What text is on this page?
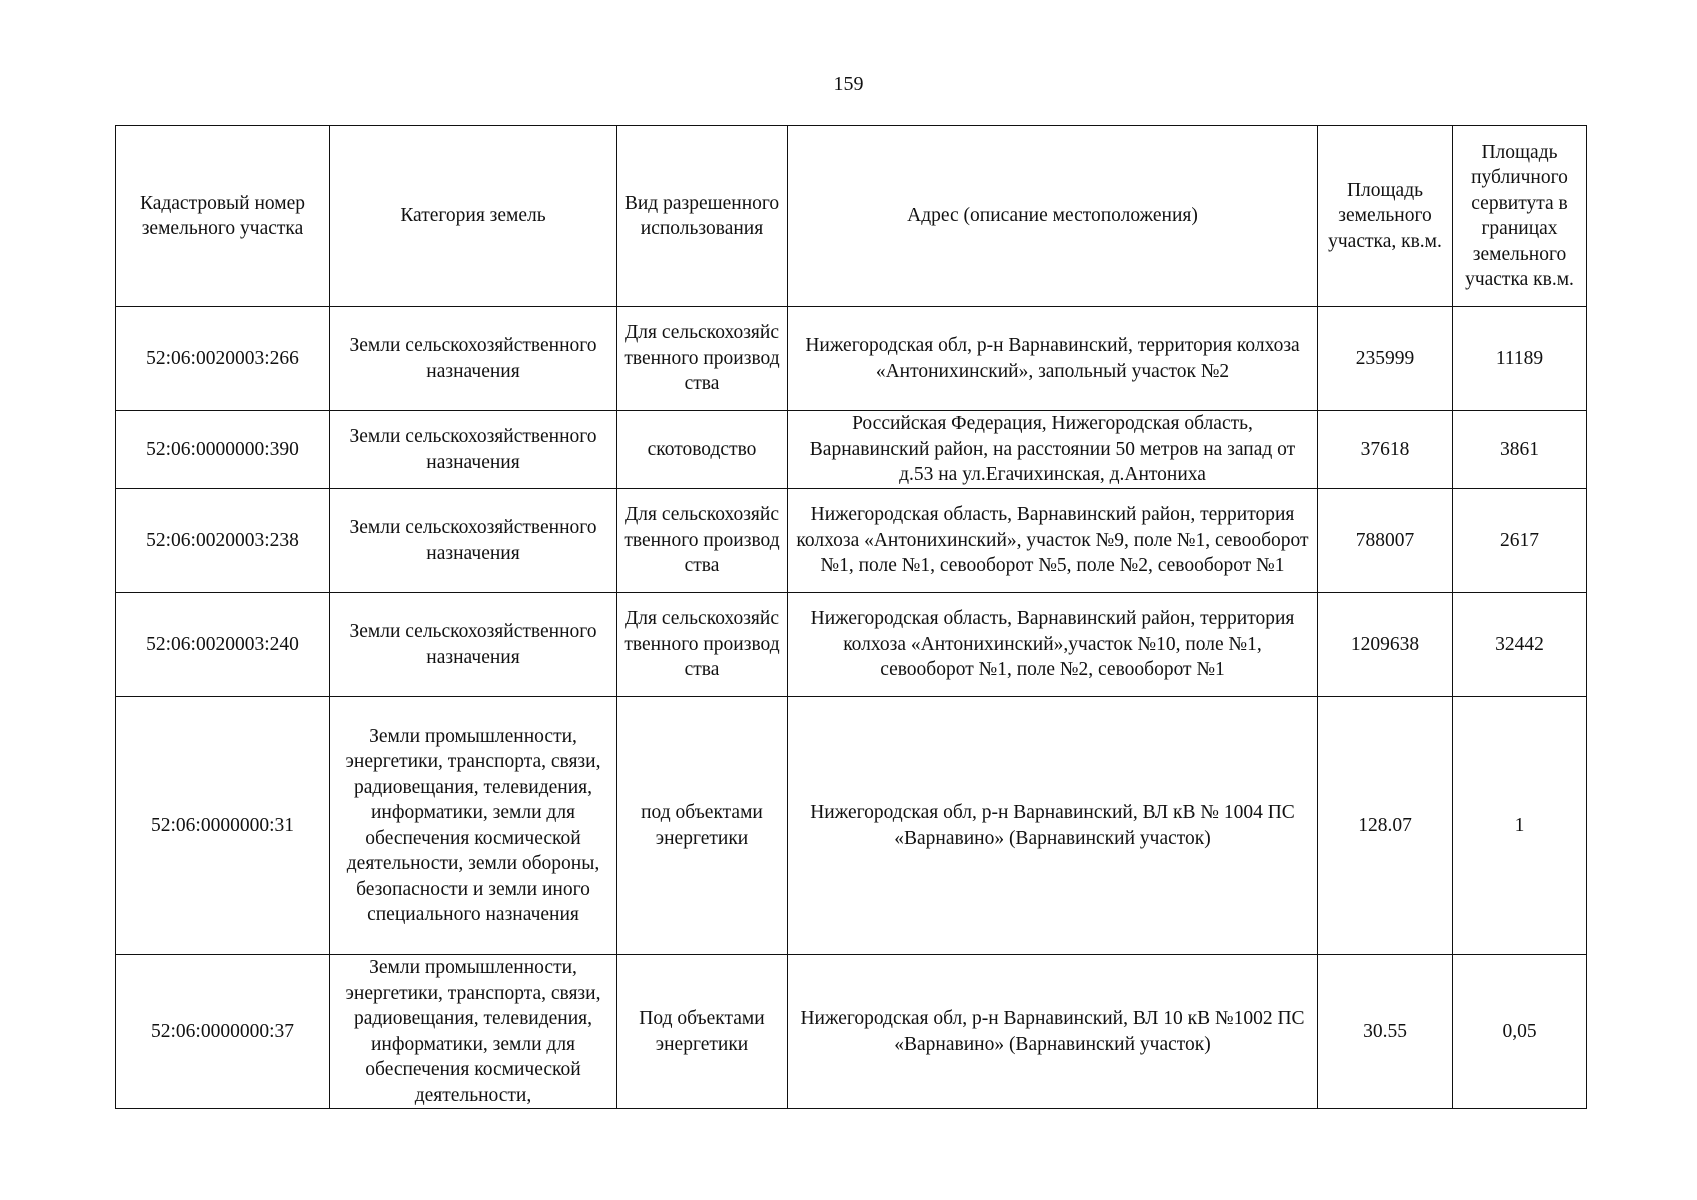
159
Кадастровый номер земельного участка	Категория земель	Вид разрешенного использования	Адрес (описание местоположения)	Площадь земельного участка, кв.м.	Площадь публичного сервитута в границах земельного участка кв.м.
52:06:0020003:266	Земли сельскохозяйственного назначения	Для сельскохозяйственного производства	Нижегородская обл, р-н Варнавинский, территория колхоза «Антонихинский», запольный участок №2	235999	11189
52:06:0000000:390	Земли сельскохозяйственного назначения	скотоводство	Российская Федерация, Нижегородская область, Варнавинский район, на расстоянии 50 метров на запад от д.53 на ул.Егачихинская, д.Антониха	37618	3861
52:06:0020003:238	Земли сельскохозяйственного назначения	Для сельскохозяйственного производства	Нижегородская область, Варнавинский район, территория колхоза «Антонихинский», участок №9, поле №1, севооборот №1, поле №1, севооборот №5, поле №2, севооборот №1	788007	2617
52:06:0020003:240	Земли сельскохозяйственного назначения	Для сельскохозяйственного производства	Нижегородская область, Варнавинский район, территория колхоза «Антонихинский»,участок №10, поле №1, севооборот №1, поле №2, севооборот №1	1209638	32442
52:06:0000000:31	Земли промышленности, энергетики, транспорта, связи, радиовещания, телевидения, информатики, земли для обеспечения космической деятельности, земли обороны, безопасности и земли иного специального назначения	под объектами энергетики	Нижегородская обл, р-н Варнавинский, ВЛ кВ № 1004 ПС «Варнавино» (Варнавинский участок)	128.07	1
52:06:0000000:37	Земли промышленности, энергетики, транспорта, связи, радиовещания, телевидения, информатики, земли для обеспечения космической деятельности,	Под объектами энергетики	Нижегородская обл, р-н Варнавинский, ВЛ 10 кВ №1002 ПС «Варнавино» (Варнавинский участок)	30.55	0,05
